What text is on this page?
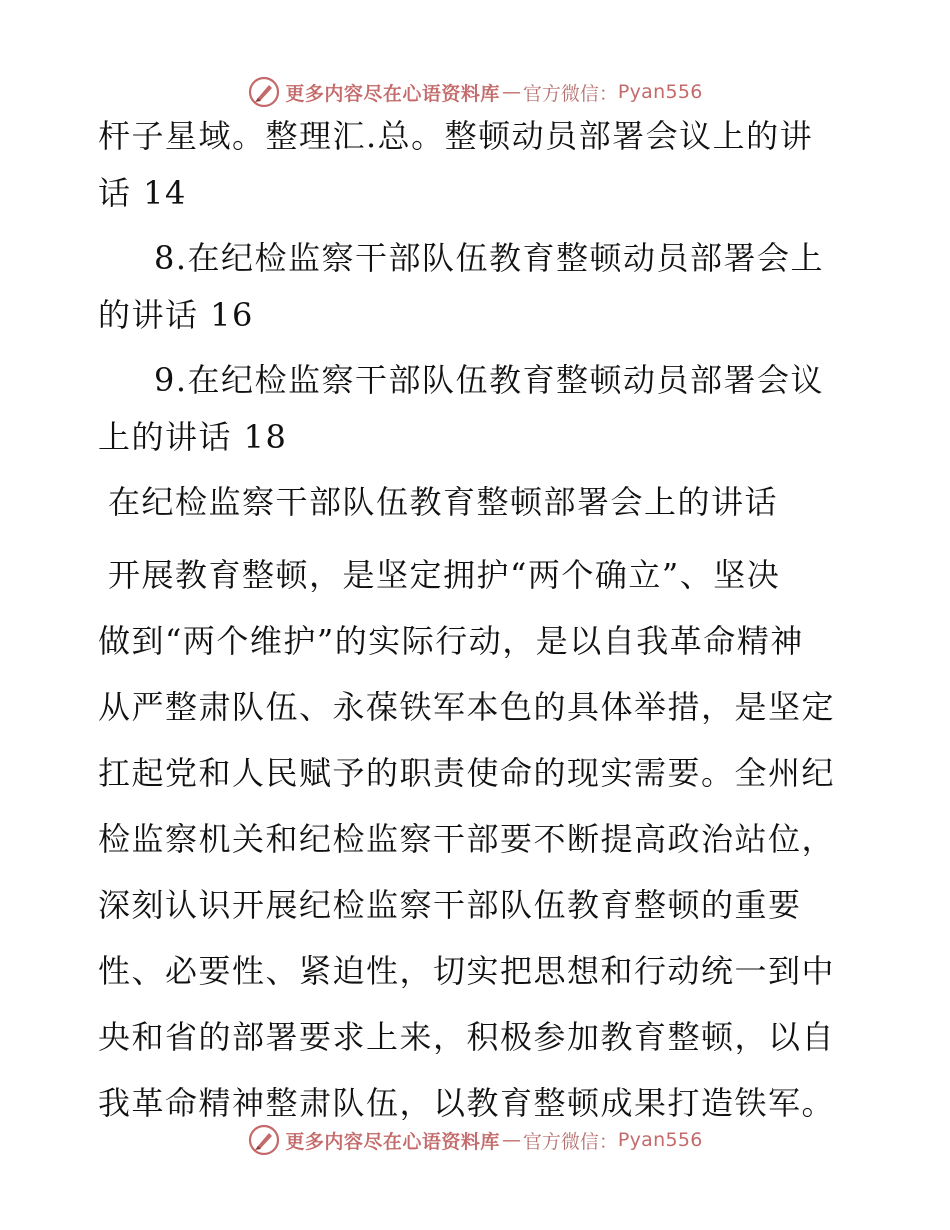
更多内容尽在心语资料库 — 官方微信： Pyan556
杆子星域。整理汇.总。整顿动员部署会议上的讲
话 14
8.在纪检监察干部队伍教育整顿动员部署会上
的讲话 16
9.在纪检监察干部队伍教育整顿动员部署会议
上的讲话 18
在纪检监察干部队伍教育整顿部署会上的讲话
开展教育整顿，是坚定拥护“两个确立”、坚决
做到“两个维护”的实际行动，是以自我革命精神
从严整肃队伍、永葆铁军本色的具体举措，是坚定
扛起党和人民赋予的职责使命的现实需要。全州纪
检监察机关和纪检监察干部要不断提高政治站位，
深刻认识开展纪检监察干部队伍教育整顿的重要
性、必要性、紧迫性，切实把思想和行动统一到中
央和省的部署要求上来，积极参加教育整顿，以自
我革命精神整肃队伍，以教育整顿成果打造铁军。
更多内容尽在心语资料库 — 官方微信： Pyan556
